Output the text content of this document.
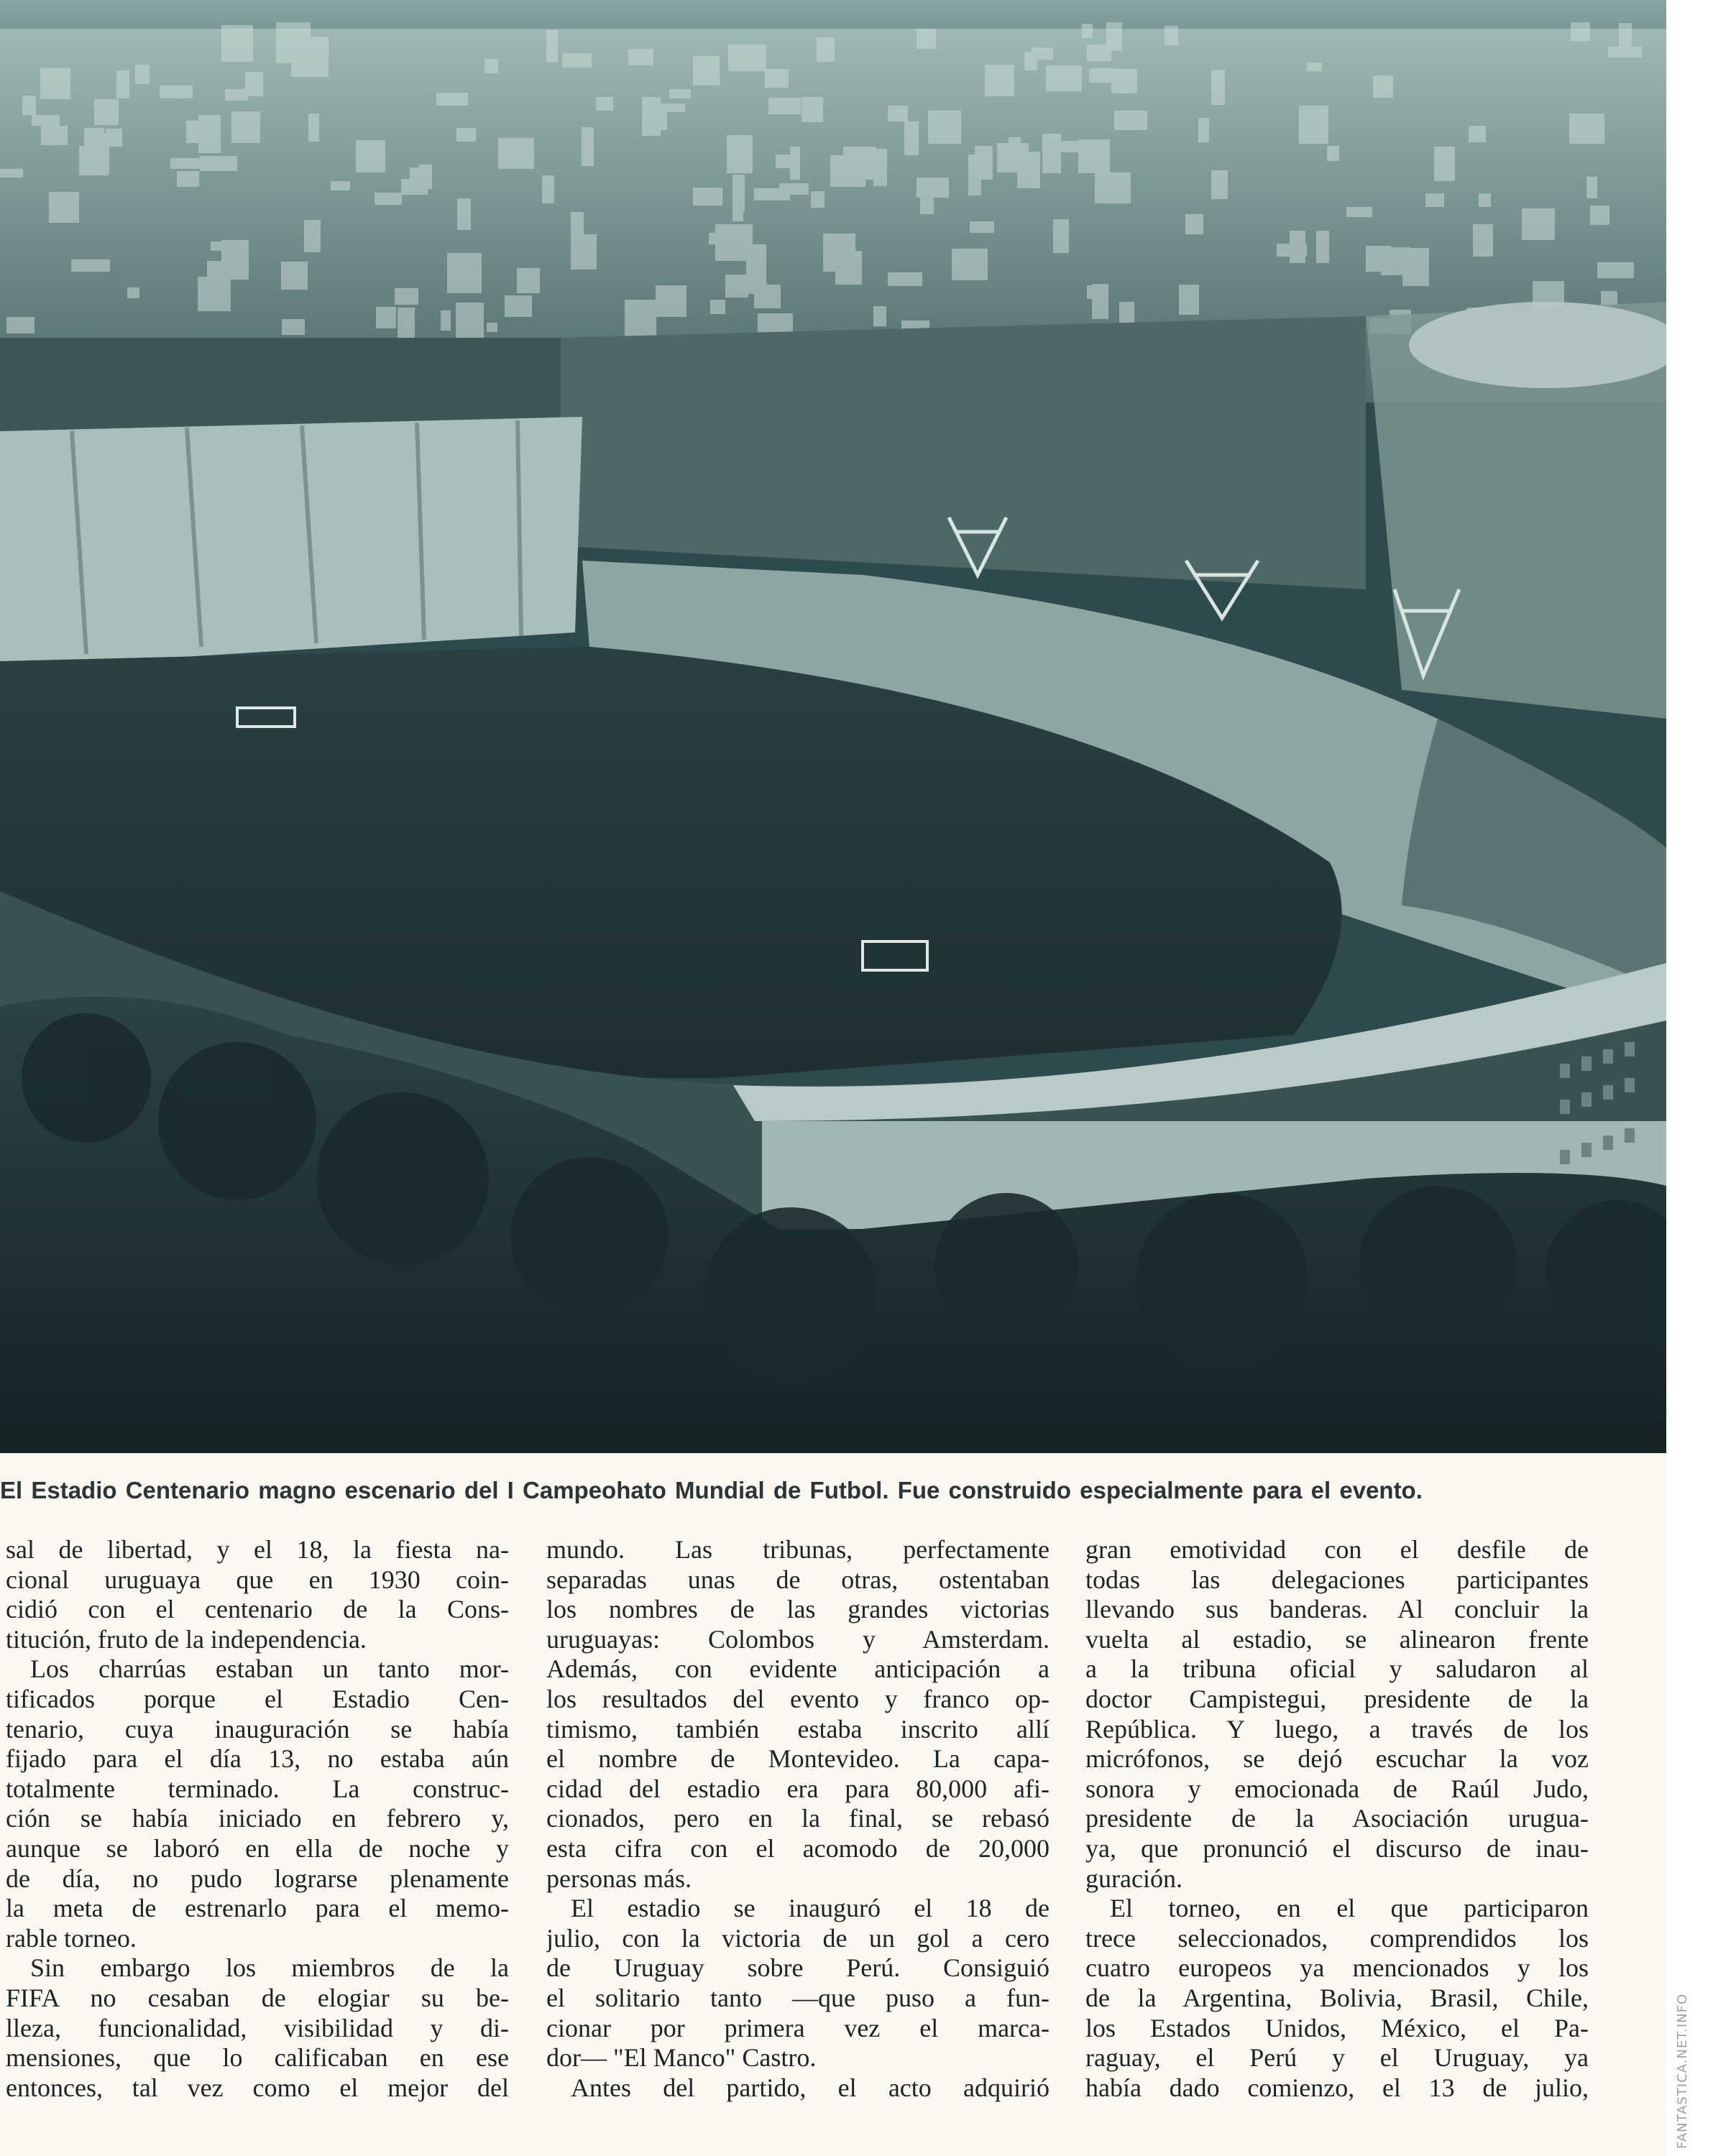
El Estadio Centenario magno escenario del I Campeohato Mundial de Futbol. Fue construido especialmente para el evento.
sal de libertad, y el 18, la fiesta na-
cional uruguaya que en 1930 coin-
cidió con el centenario de la Cons-
titución, fruto de la independencia.
Los charrúas estaban un tanto mor-
tificados porque el Estadio Cen-
tenario, cuya inauguración se había
fijado para el día 13, no estaba aún
totalmente terminado. La construc-
ción se había iniciado en febrero y,
aunque se laboró en ella de noche y
de día, no pudo lograrse plenamente
la meta de estrenarlo para el memo-
rable torneo.
Sin embargo los miembros de la
FIFA no cesaban de elogiar su be-
lleza, funcionalidad, visibilidad y di-
mensiones, que lo calificaban en ese
entonces, tal vez como el mejor del
mundo. Las tribunas, perfectamente
separadas unas de otras, ostentaban
los nombres de las grandes victorias
uruguayas: Colombos y Amsterdam.
Además, con evidente anticipación a
los resultados del evento y franco op-
timismo, también estaba inscrito allí
el nombre de Montevideo. La capa-
cidad del estadio era para 80,000 afi-
cionados, pero en la final, se rebasó
esta cifra con el acomodo de 20,000
personas más.
El estadio se inauguró el 18 de
julio, con la victoria de un gol a cero
de Uruguay sobre Perú. Consiguió
el solitario tanto —que puso a fun-
cionar por primera vez el marca-
dor— "El Manco" Castro.
Antes del partido, el acto adquirió
gran emotividad con el desfile de
todas las delegaciones participantes
llevando sus banderas. Al concluir la
vuelta al estadio, se alinearon frente
a la tribuna oficial y saludaron al
doctor Campistegui, presidente de la
República. Y luego, a través de los
micrófonos, se dejó escuchar la voz
sonora y emocionada de Raúl Judo,
presidente de la Asociación urugua-
ya, que pronunció el discurso de inau-
guración.
El torneo, en el que participaron
trece seleccionados, comprendidos los
cuatro europeos ya mencionados y los
de la Argentina, Bolivia, Brasil, Chile,
los Estados Unidos, México, el Pa-
raguay, el Perú y el Uruguay, ya
había dado comienzo, el 13 de julio,	FANTASTICA.NET.INFO
